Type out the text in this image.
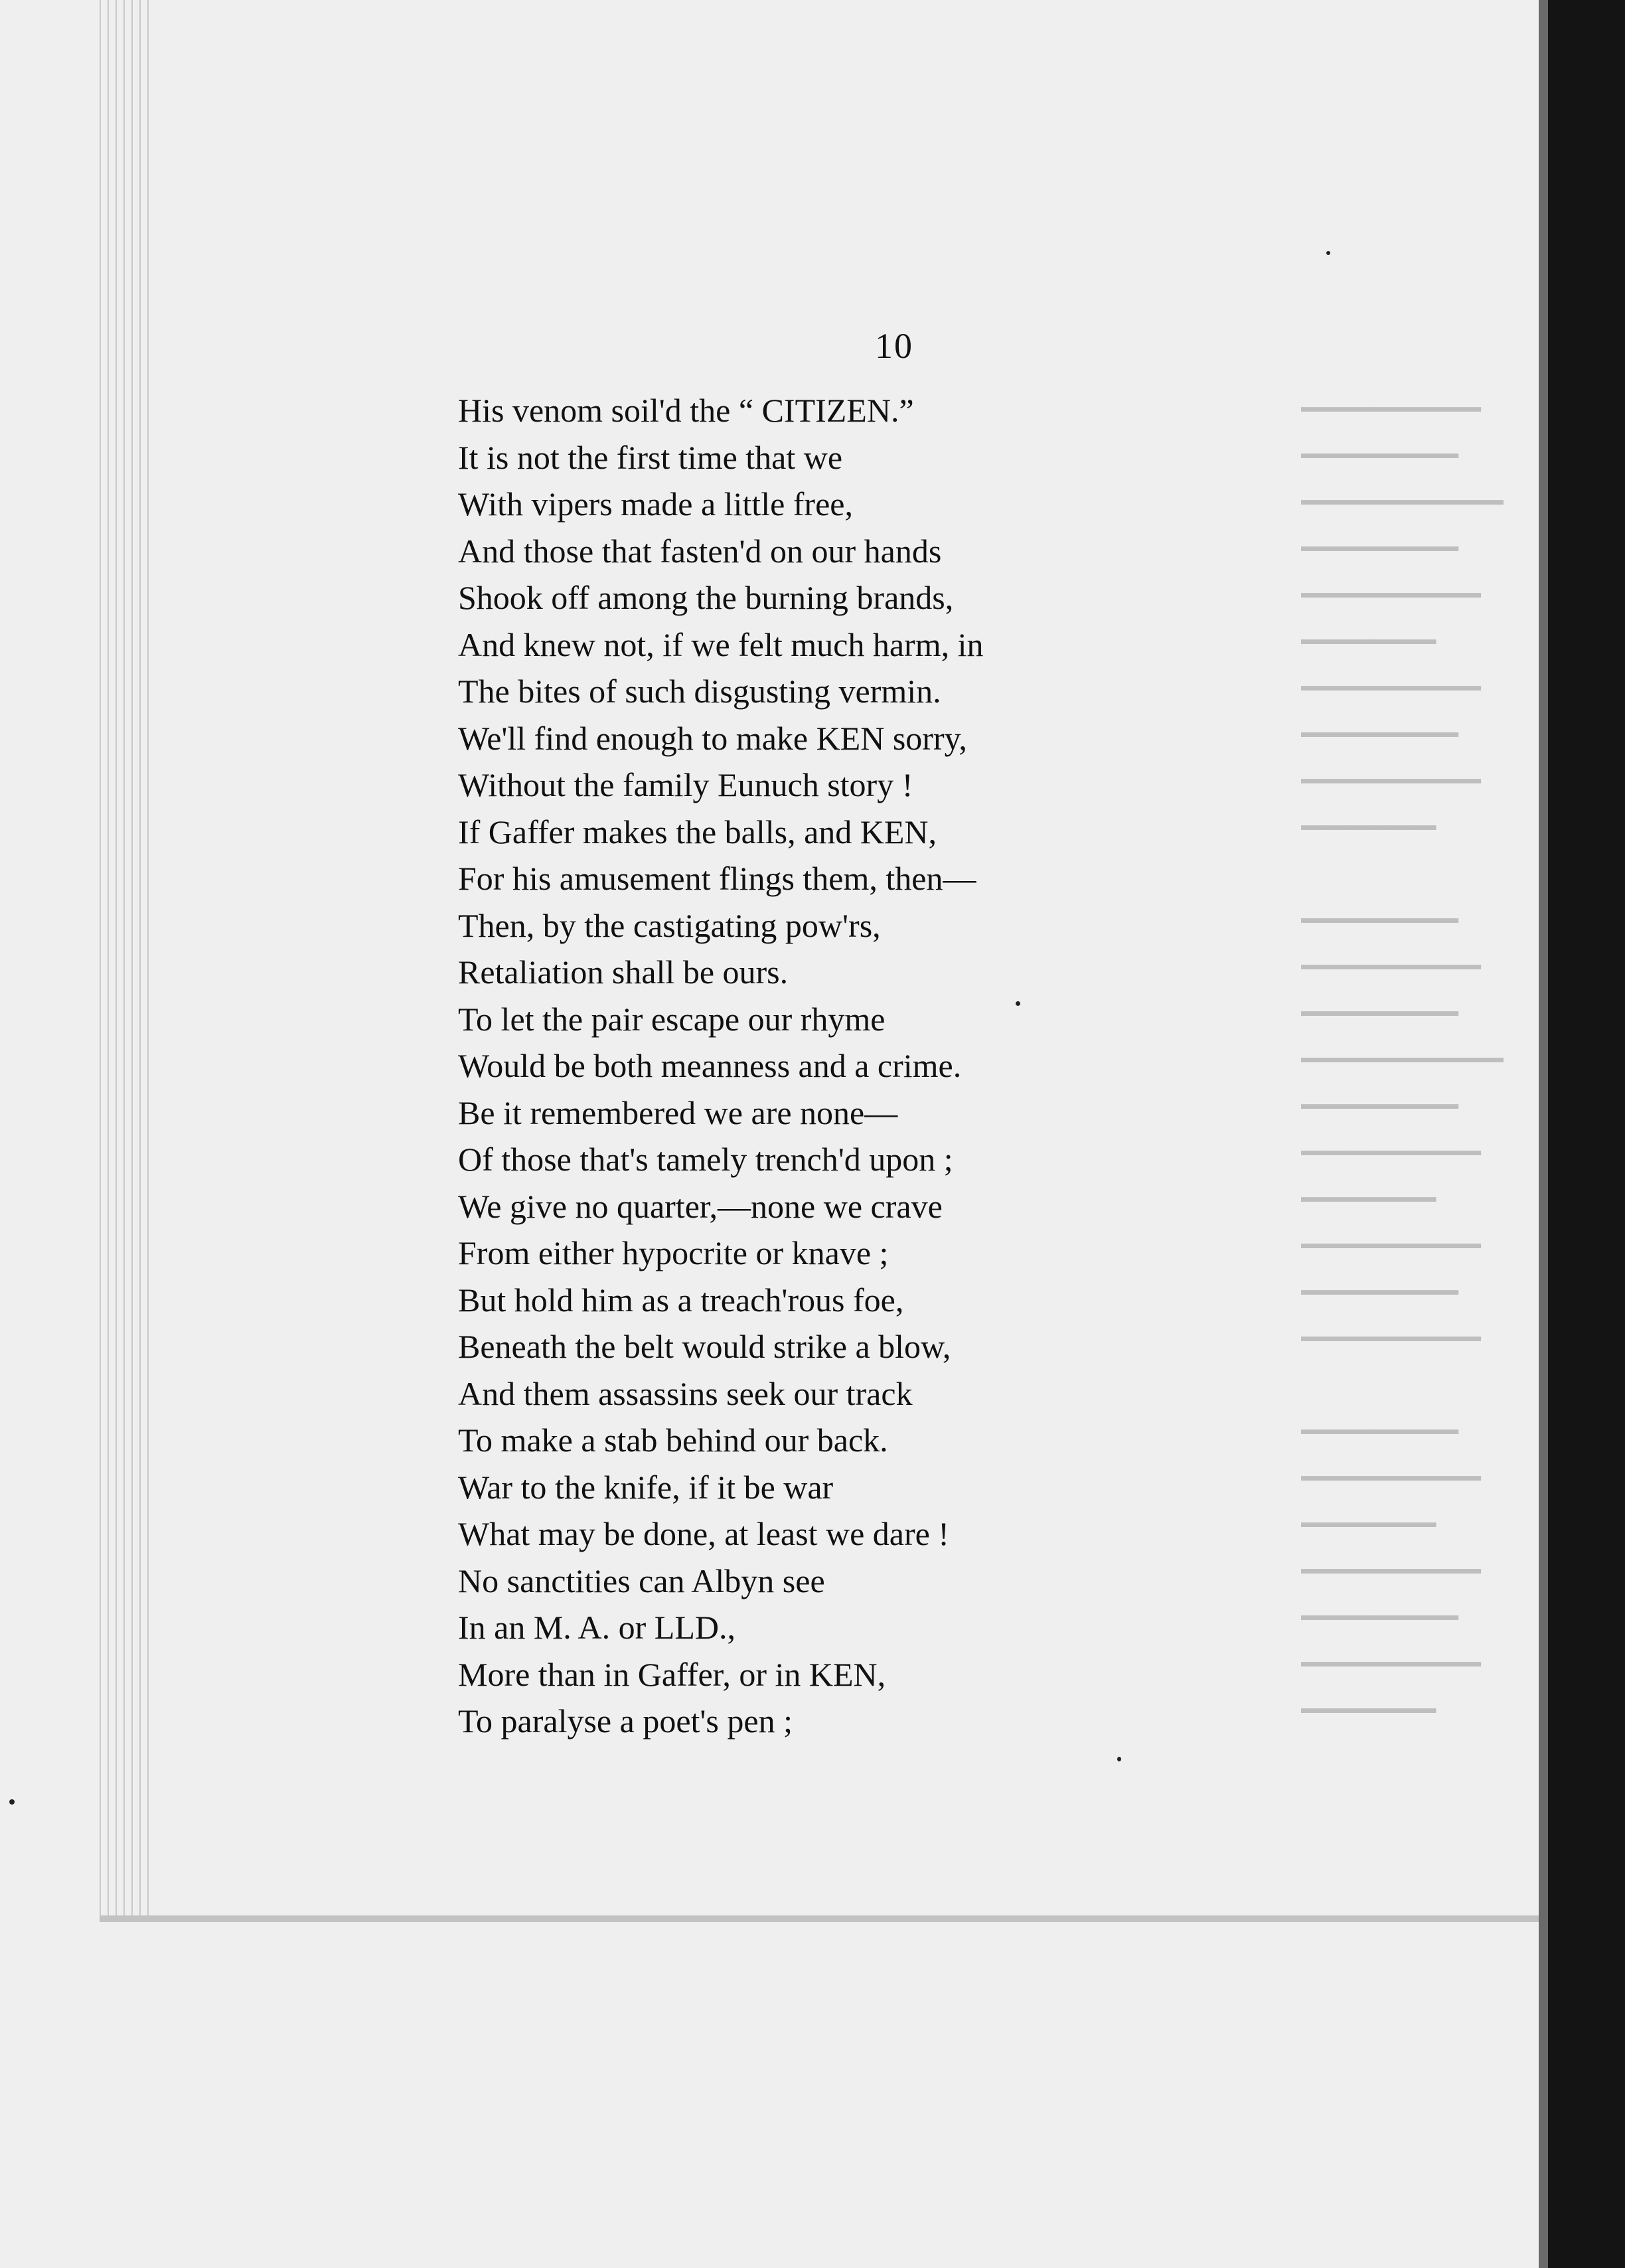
▁▁▁▁▁▁▁▁
▁▁▁▁▁▁▁
▁▁▁▁▁▁▁▁▁
▁▁▁▁▁▁▁
▁▁▁▁▁▁▁▁
▁▁▁▁▁▁
▁▁▁▁▁▁▁▁
▁▁▁▁▁▁▁
▁▁▁▁▁▁▁▁
▁▁▁▁▁▁

▁▁▁▁▁▁▁
▁▁▁▁▁▁▁▁
▁▁▁▁▁▁▁
▁▁▁▁▁▁▁▁▁
▁▁▁▁▁▁▁
▁▁▁▁▁▁▁▁
▁▁▁▁▁▁
▁▁▁▁▁▁▁▁
▁▁▁▁▁▁▁
▁▁▁▁▁▁▁▁

▁▁▁▁▁▁▁
▁▁▁▁▁▁▁▁
▁▁▁▁▁▁
▁▁▁▁▁▁▁▁
▁▁▁▁▁▁▁
▁▁▁▁▁▁▁▁
▁▁▁▁▁▁
10
His venom soil'd the “ CITIZEN.”
It is not the first time that we
With vipers made a little free,
And those that fasten'd on our hands
Shook off among the burning brands,
And knew not, if we felt much harm, in
The bites of such disgusting vermin.
We'll find enough to make KEN sorry,
Without the family Eunuch story !
If Gaffer makes the balls, and KEN,
For his amusement flings them, then—
Then, by the castigating pow'rs,
Retaliation shall be ours.
To let the pair escape our rhyme
Would be both meanness and a crime.
Be it remembered we are none—
Of those that's tamely trench'd upon ;
We give no quarter,—none we crave
From either hypocrite or knave ;
But hold him as a treach'rous foe,
Beneath the belt would strike a blow,
And them assassins seek our track
To make a stab behind our back.
War to the knife, if it be war
What may be done, at least we dare !
No sanctities can Albyn see
In an M. A. or LLD.,
More than in Gaffer, or in KEN,
To paralyse a poet's pen ;
